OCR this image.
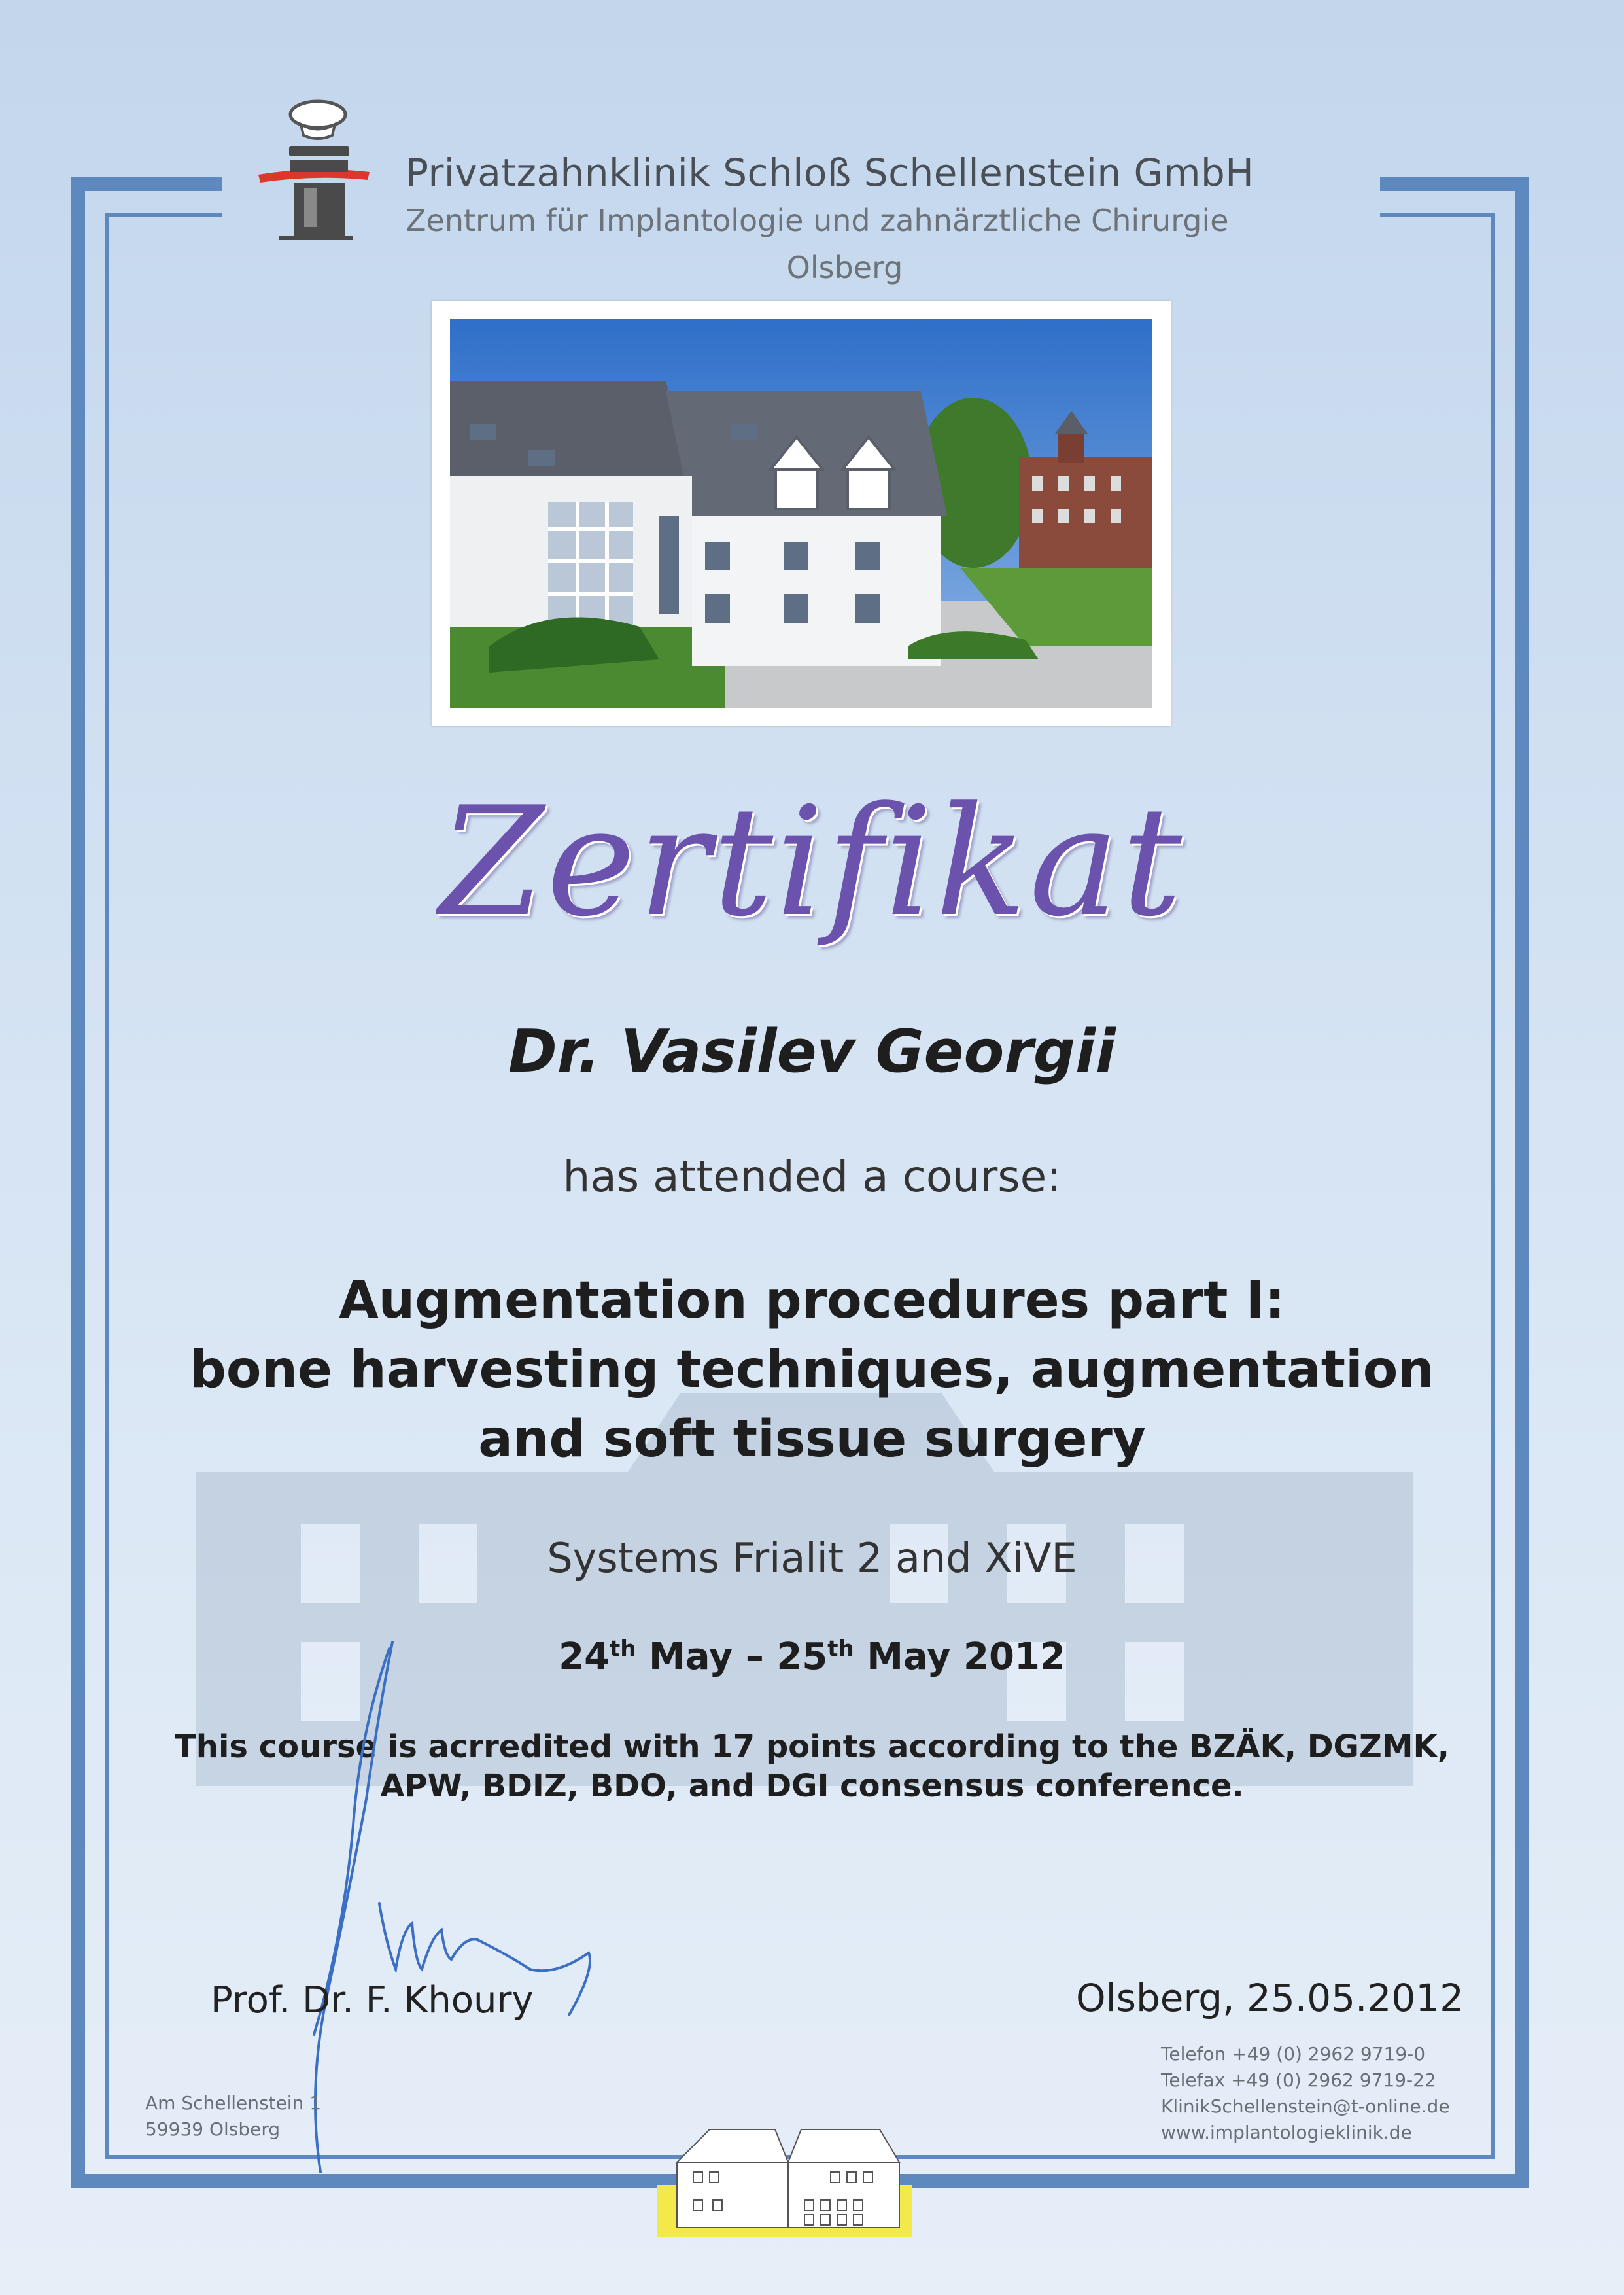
Privatzahnklinik Schloß Schellenstein GmbH
Zentrum für Implantologie und zahnärztliche Chirurgie
Olsberg
Zertifikat
Dr. Vasilev Georgii
has attended a course:
Augmentation procedures part I:
bone harvesting techniques, augmentation
and soft tissue surgery
Systems Frialit 2 and XiVE
24th May – 25th May 2012
This course is acrredited with 17 points according to the BZÄK, DGZMK,
APW, BDIZ, BDO, and DGI consensus conference.
Prof. Dr. F. Khoury	Olsberg, 25.05.2012
Telefon +49 (0) 2962 9719-0
Telefax +49 (0) 2962 9719-22
KlinikSchellenstein@t-online.de
www.implantologieklinik.de
Am Schellenstein 1
59939 Olsberg
